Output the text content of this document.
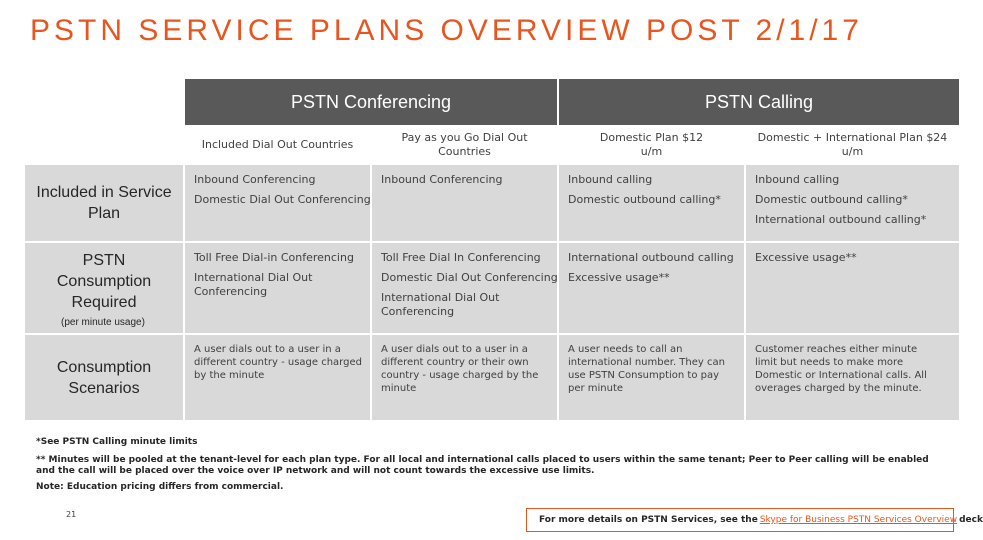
PSTN SERVICE PLANS OVERVIEW POST 2/1/17
PSTN Conferencing	PSTN Calling
Included Dial Out Countries
Pay as you Go Dial Out Countries
Domestic Plan $12 u/m
Domestic + International Plan $24 u/m
Included in Service Plan

Inbound Conferencing

Domestic Dial Out Conferencing

Inbound Conferencing	Inbound calling

Domestic outbound calling*

Inbound calling

Domestic outbound calling*

International outbound calling*

PSTN Consumption Required
(per minute usage)

Toll Free Dial-in Conferencing

International Dial Out Conferencing

Toll Free Dial In Conferencing

Domestic Dial Out Conferencing

International Dial Out Conferencing

International outbound calling

Excessive usage**

Excessive usage**

Consumption Scenarios
A user dials out to a user in a different country - usage charged by the minute
A user dials out to a user in a different country or their own country - usage charged by the minute
A user needs to call an international number. They can use PSTN Consumption to pay per minute
Customer reaches either minute limit but needs to make more Domestic or International calls. All overages charged by the minute.
*See PSTN Calling minute limits
** Minutes will be pooled at the tenant-level for each plan type. For all local and international calls placed to users within the same tenant; Peer to Peer calling will be enabled and the call will be placed over the voice over IP network and will not count towards the excessive use limits.
Note: Education pricing differs from commercial.
21
For more details on PSTN Services, see the Skype for Business PSTN Services Overview deck
